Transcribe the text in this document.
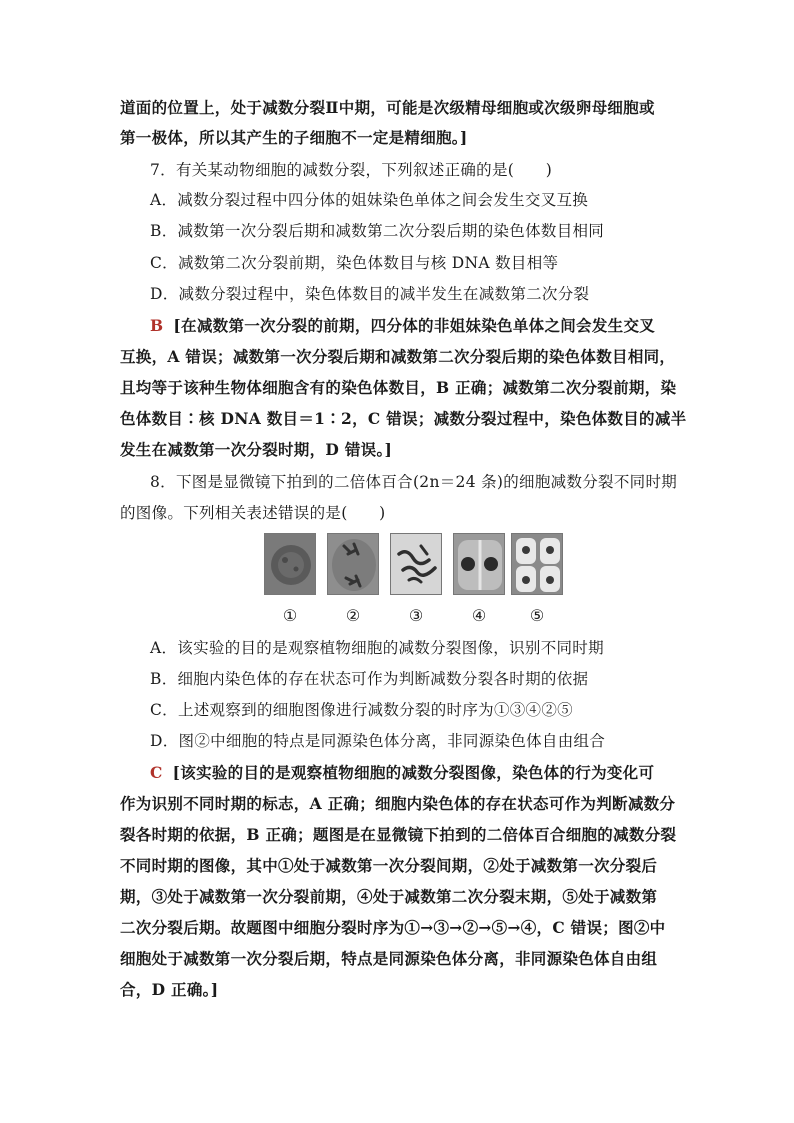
道面的位置上，处于减数分裂Ⅱ中期，可能是次级精母细胞或次级卵母细胞或
第一极体，所以其产生的子细胞不一定是精细胞。]
7．有关某动物细胞的减数分裂，下列叙述正确的是(　　)
A．减数分裂过程中四分体的姐妹染色单体之间会发生交叉互换
B．减数第一次分裂后期和减数第二次分裂后期的染色体数目相同
C．减数第二次分裂前期，染色体数目与核 DNA 数目相等
D．减数分裂过程中，染色体数目的减半发生在减数第二次分裂
B [在减数第一次分裂的前期，四分体的非姐妹染色单体之间会发生交叉
互换，A 错误；减数第一次分裂后期和减数第二次分裂后期的染色体数目相同，
且均等于该种生物体细胞含有的染色体数目，B 正确；减数第二次分裂前期，染
色体数目∶核 DNA 数目＝1∶2，C 错误；减数分裂过程中，染色体数目的减半
发生在减数第一次分裂时期，D 错误。]
8．下图是显微镜下拍到的二倍体百合(2n＝24 条)的细胞减数分裂不同时期
的图像。下列相关表述错误的是(　　)
①	②	③	④	⑤
A．该实验的目的是观察植物细胞的减数分裂图像，识别不同时期
B．细胞内染色体的存在状态可作为判断减数分裂各时期的依据
C．上述观察到的细胞图像进行减数分裂的时序为①③④②⑤
D．图②中细胞的特点是同源染色体分离，非同源染色体自由组合
C [该实验的目的是观察植物细胞的减数分裂图像，染色体的行为变化可
作为识别不同时期的标志，A 正确；细胞内染色体的存在状态可作为判断减数分
裂各时期的依据，B 正确；题图是在显微镜下拍到的二倍体百合细胞的减数分裂
不同时期的图像，其中①处于减数第一次分裂间期，②处于减数第一次分裂后
期，③处于减数第一次分裂前期，④处于减数第二次分裂末期，⑤处于减数第
二次分裂后期。故题图中细胞分裂时序为①→③→②→⑤→④，C 错误；图②中
细胞处于减数第一次分裂后期，特点是同源染色体分离，非同源染色体自由组
合，D 正确。]
